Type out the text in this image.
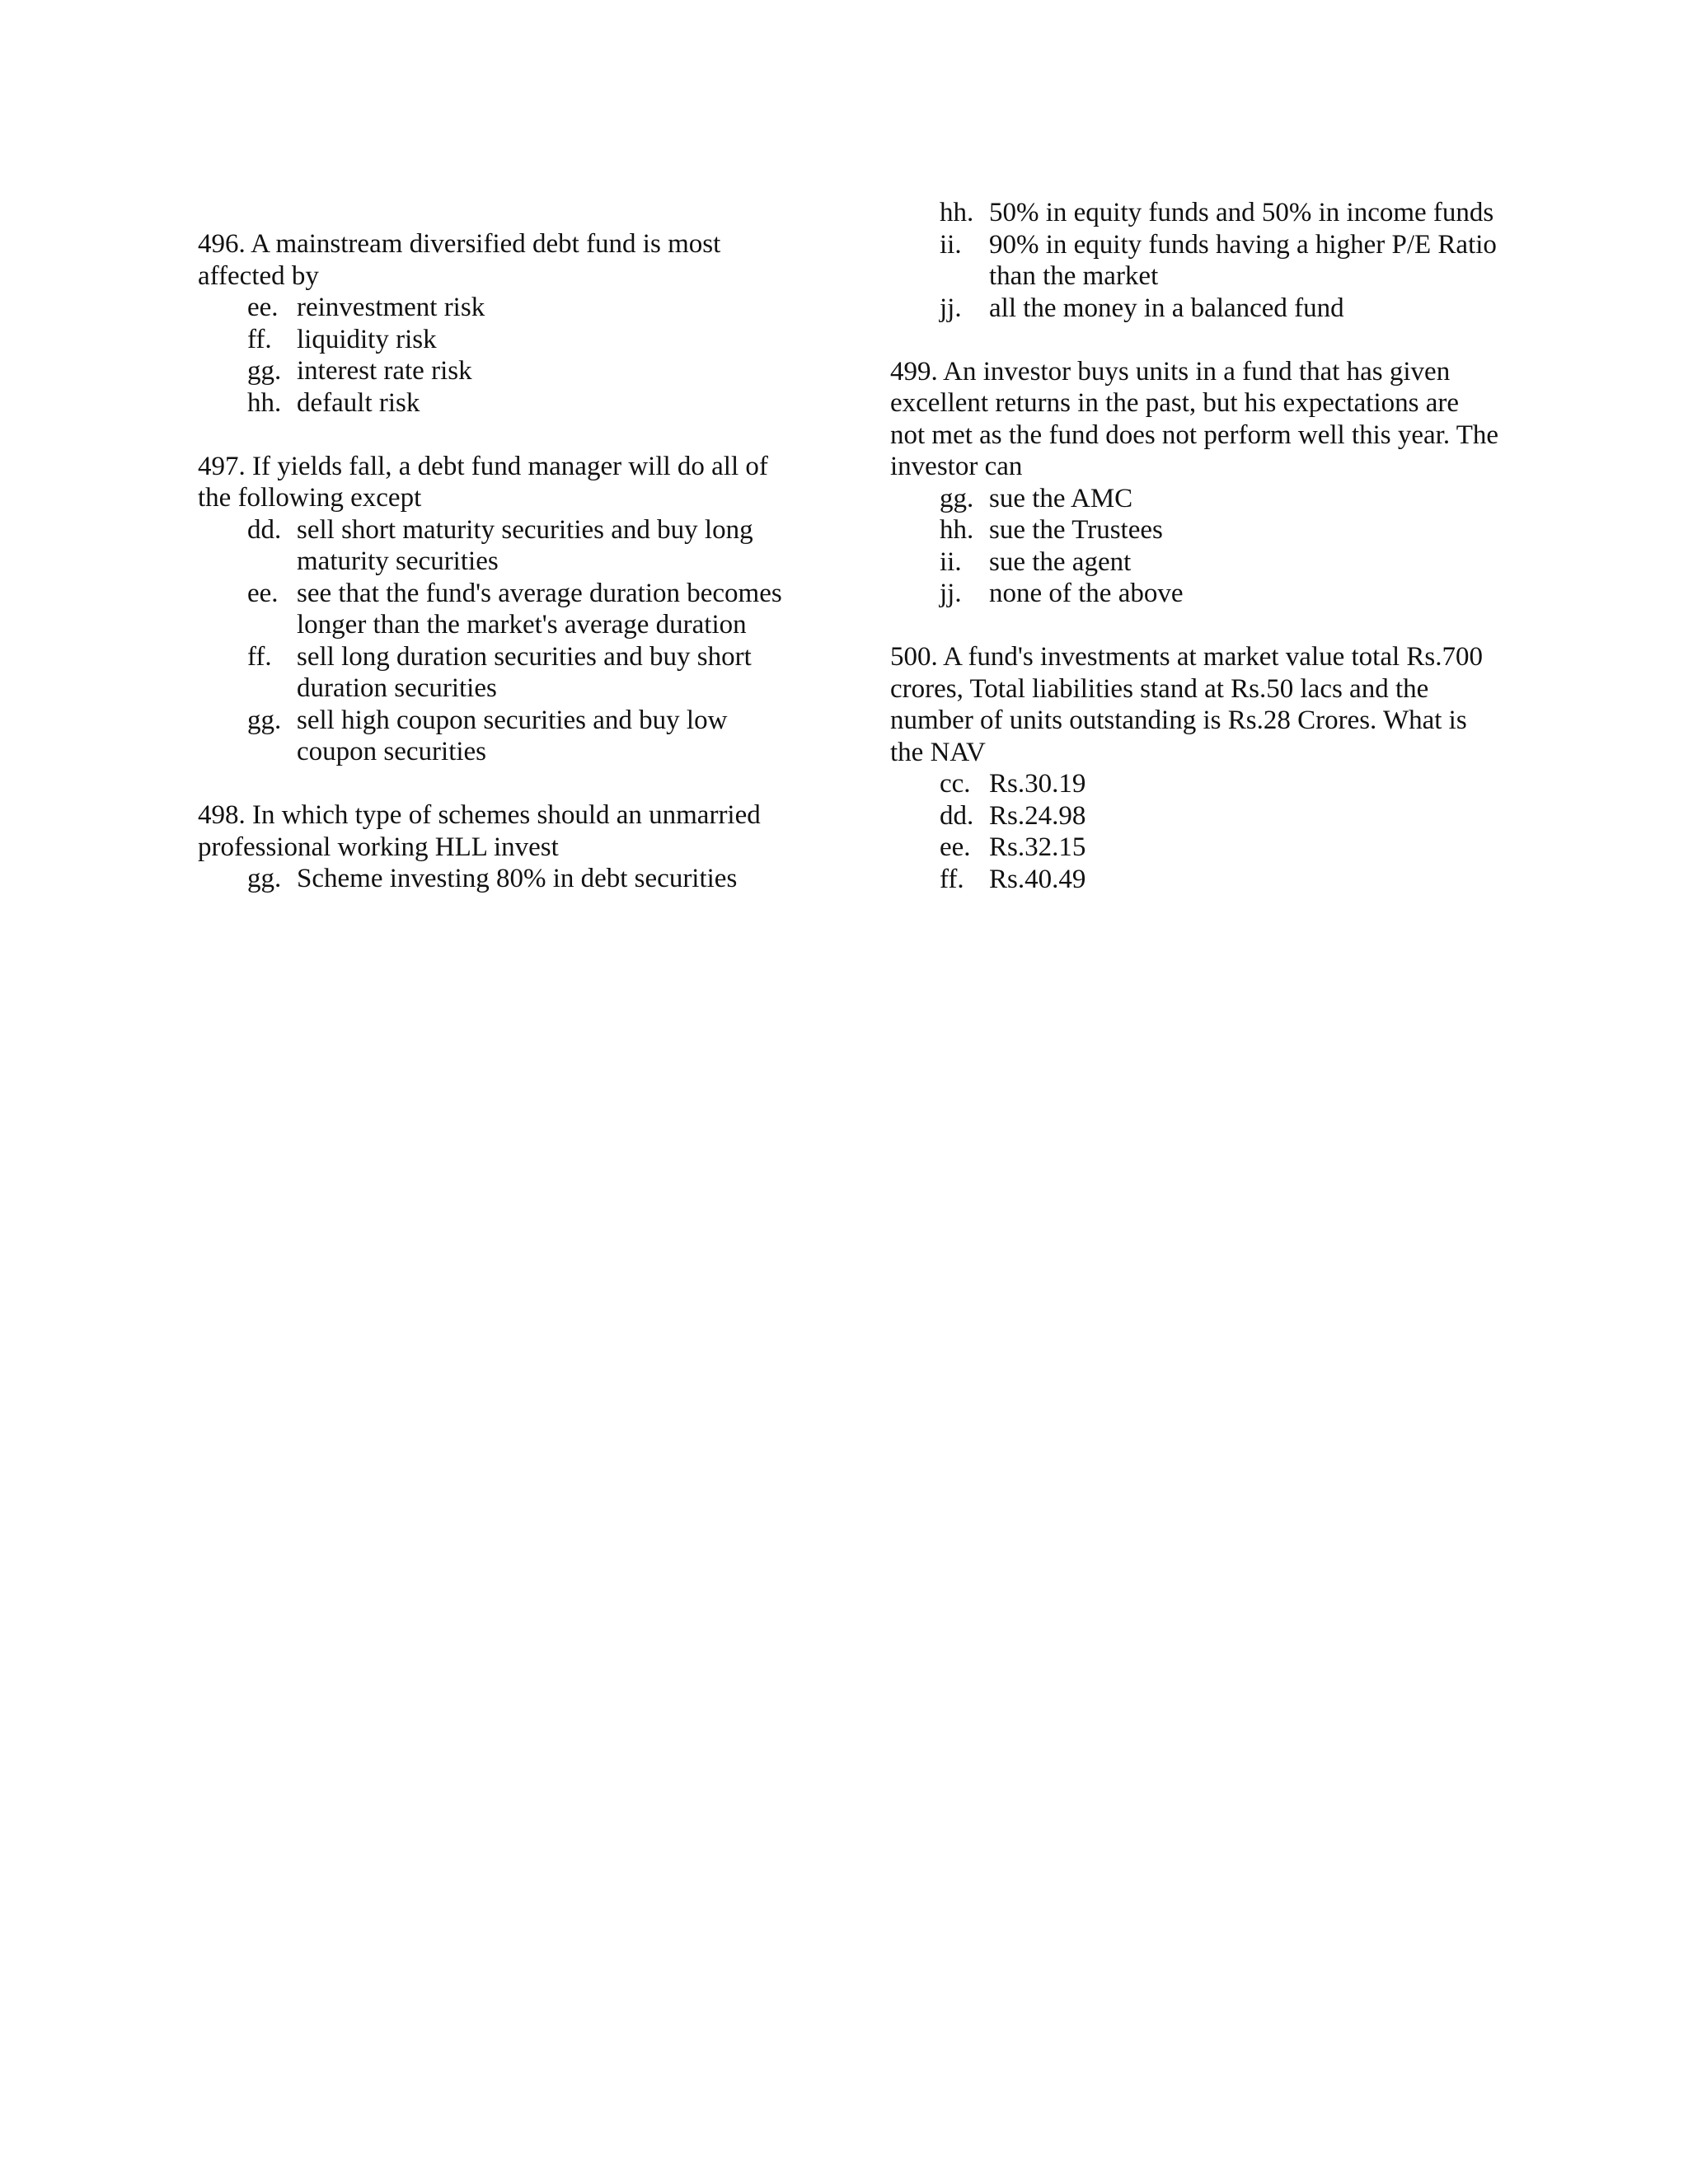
496. A mainstream diversified debt fund is most affected by

ee. reinvestment risk
ff. liquidity risk
gg. interest rate risk
hh. default risk

497. If yields fall, a debt fund manager will do all of the following except

dd. sell short maturity securities and buy long maturity securities
ee. see that the fund's average duration becomes longer than the market's average duration
ff. sell long duration securities and buy short duration securities
gg. sell high coupon securities and buy low coupon securities

498. In which type of schemes should an unmarried professional working HLL invest

gg. Scheme investing 80% in debt securities
hh. 50% in equity funds and 50% in income funds
ii.	90% in equity funds having a higher P/E Ratio than the market
jj.	all the money in a balanced fund

499. An investor buys units in a fund that has given excellent returns in the past, but his expectations are not met as the fund does not perform well this year. The investor can

gg. sue the AMC
hh. sue the Trustees
ii.	sue the agent
jj.	none of the above

500. A fund's investments at market value total Rs.700 crores, Total liabilities stand at Rs.50 lacs and the number of units outstanding is Rs.28 Crores. What is the NAV

cc. Rs.30.19
dd. Rs.24.98
ee. Rs.32.15
ff. Rs.40.49
